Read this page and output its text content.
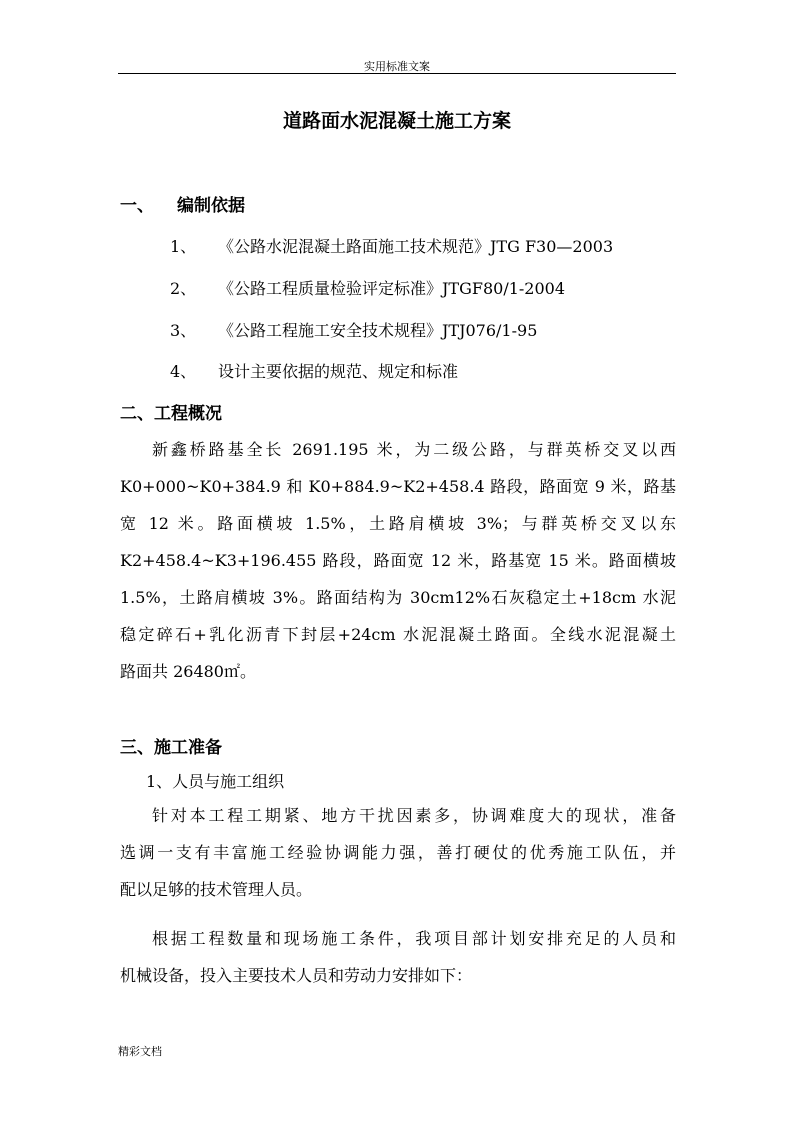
实用标准文案
道路面水泥混凝土施工方案
一、 编制依据
1、 《公路水泥混凝土路面施工技术规范》JTG F30—2003
2、 《公路工程质量检验评定标准》JTGF80/1-2004
3、 《公路工程施工安全技术规程》JTJ076/1-95
4、 设计主要依据的规范、规定和标准
二、工程概况
新鑫桥路基全长 2691.195 米，为二级公路，与群英桥交叉以西
K0+000~K0+384.9 和 K0+884.9~K2+458.4 路段，路面宽 9 米，路基
宽 12 米。路面横坡 1.5%，土路肩横坡 3%；与群英桥交叉以东
K2+458.4~K3+196.455 路段，路面宽 12 米，路基宽 15 米。路面横坡
1.5%，土路肩横坡 3%。路面结构为 30cm12%石灰稳定土+18cm 水泥
稳定碎石+乳化沥青下封层+24cm 水泥混凝土路面。全线水泥混凝土
路面共 26480㎡。
三、施工准备
1、人员与施工组织
针对本工程工期紧、地方干扰因素多，协调难度大的现状，准备
选调一支有丰富施工经验协调能力强，善打硬仗的优秀施工队伍，并
配以足够的技术管理人员。
根据工程数量和现场施工条件，我项目部计划安排充足的人员和
机械设备，投入主要技术人员和劳动力安排如下：
精彩文档
